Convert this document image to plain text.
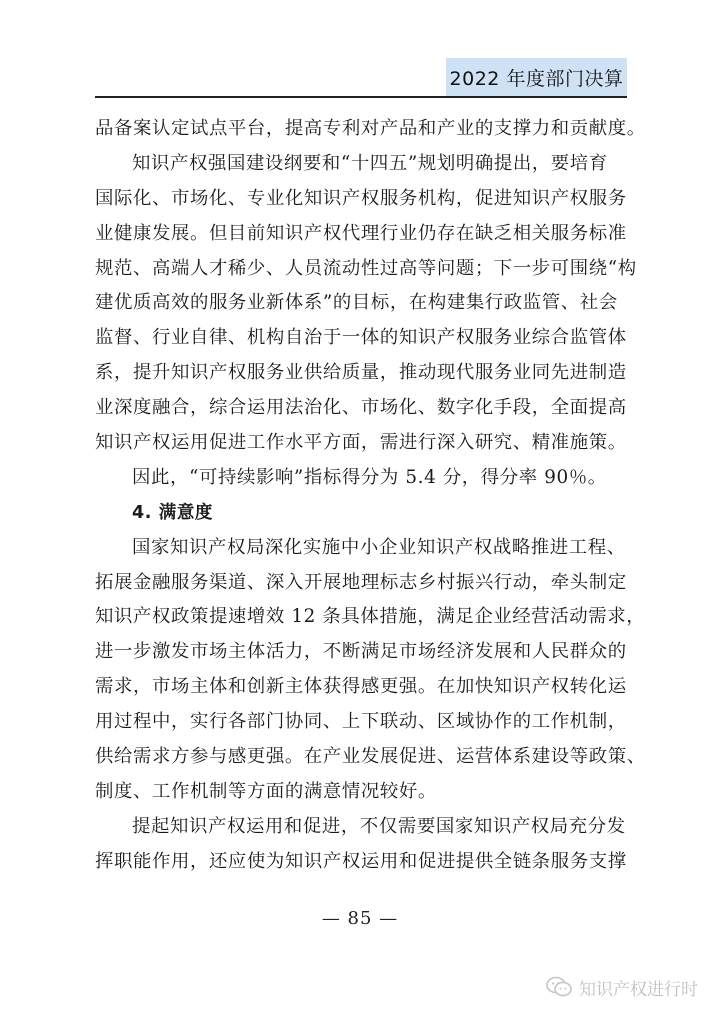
2022 年度部门决算
品备案认定试点平台，提高专利对产品和产业的支撑力和贡献度。
知识产权强国建设纲要和“十四五”规划明确提出，要培育
国际化、市场化、专业化知识产权服务机构，促进知识产权服务
业健康发展。但目前知识产权代理行业仍存在缺乏相关服务标准
规范、高端人才稀少、人员流动性过高等问题；下一步可围绕“构
建优质高效的服务业新体系”的目标，在构建集行政监管、社会
监督、行业自律、机构自治于一体的知识产权服务业综合监管体
系，提升知识产权服务业供给质量，推动现代服务业同先进制造
业深度融合，综合运用法治化、市场化、数字化手段，全面提高
知识产权运用促进工作水平方面，需进行深入研究、精准施策。
因此，“可持续影响”指标得分为 5.4 分，得分率 90％。
4. 满意度
国家知识产权局深化实施中小企业知识产权战略推进工程、
拓展金融服务渠道、深入开展地理标志乡村振兴行动，牵头制定
知识产权政策提速增效 12 条具体措施，满足企业经营活动需求，
进一步激发市场主体活力，不断满足市场经济发展和人民群众的
需求，市场主体和创新主体获得感更强。在加快知识产权转化运
用过程中，实行各部门协同、上下联动、区域协作的工作机制，
供给需求方参与感更强。在产业发展促进、运营体系建设等政策、
制度、工作机制等方面的满意情况较好。
提起知识产权运用和促进，不仅需要国家知识产权局充分发
挥职能作用，还应使为知识产权运用和促进提供全链条服务支撑
— 85 —
知识产权进行时
